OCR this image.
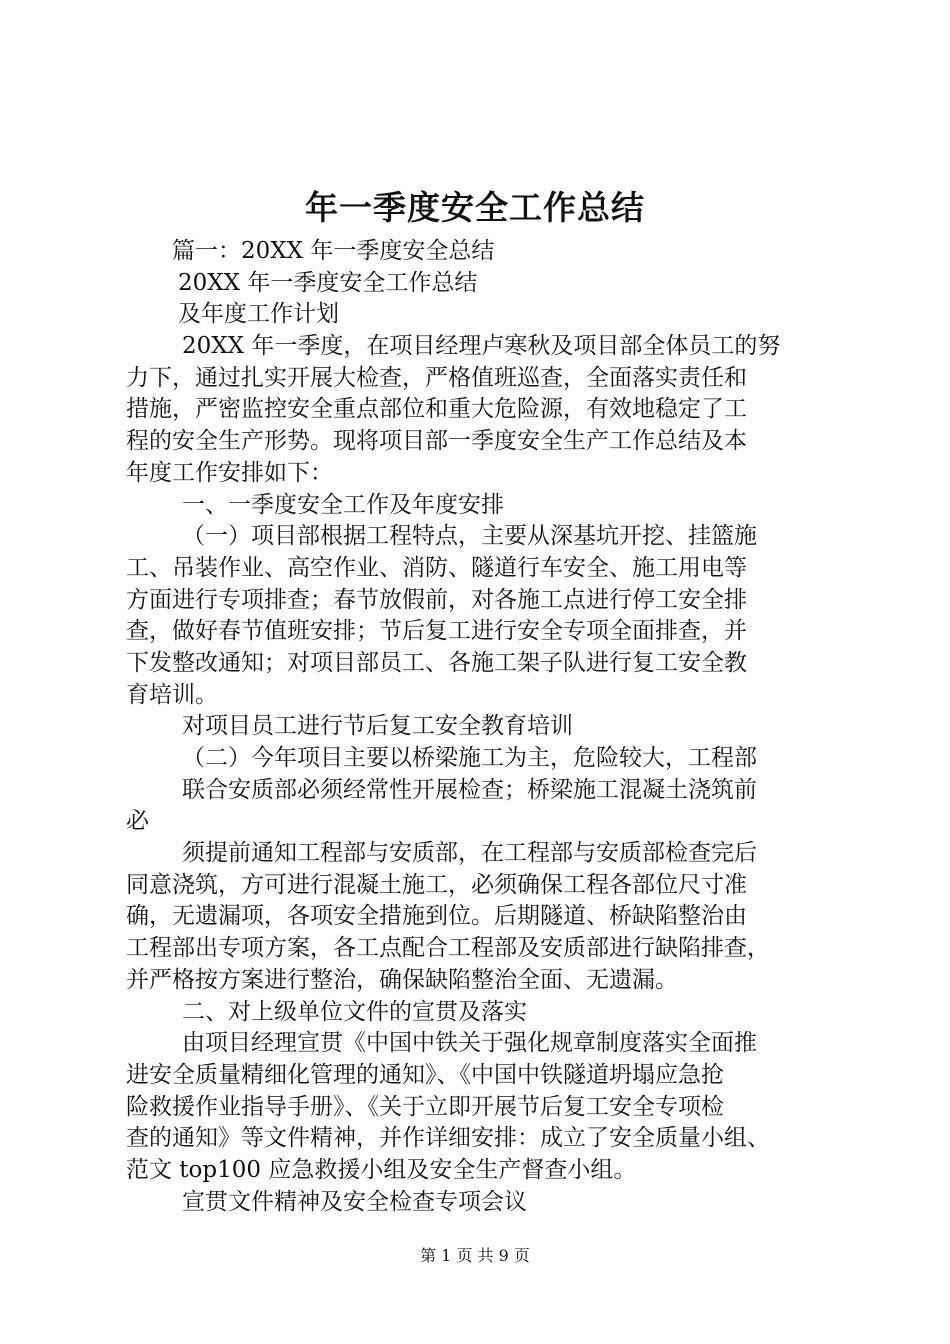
年一季度安全工作总结
篇一：20XX 年一季度安全总结
20XX 年一季度安全工作总结
及年度工作计划
20XX 年一季度，在项目经理卢寒秋及项目部全体员工的努
力下，通过扎实开展大检查，严格值班巡查，全面落实责任和
措施，严密监控安全重点部位和重大危险源，有效地稳定了工
程的安全生产形势。现将项目部一季度安全生产工作总结及本
年度工作安排如下：
一、一季度安全工作及年度安排
（一）项目部根据工程特点，主要从深基坑开挖、挂篮施
工、吊装作业、高空作业、消防、隧道行车安全、施工用电等
方面进行专项排查；春节放假前，对各施工点进行停工安全排
查，做好春节值班安排；节后复工进行安全专项全面排查，并
下发整改通知；对项目部员工、各施工架子队进行复工安全教
育培训。
对项目员工进行节后复工安全教育培训
（二）今年项目主要以桥梁施工为主，危险较大，工程部
联合安质部必须经常性开展检查；桥梁施工混凝土浇筑前
必
须提前通知工程部与安质部，在工程部与安质部检查完后
同意浇筑，方可进行混凝土施工，必须确保工程各部位尺寸准
确，无遗漏项，各项安全措施到位。后期隧道、桥缺陷整治由
工程部出专项方案，各工点配合工程部及安质部进行缺陷排查，
并严格按方案进行整治，确保缺陷整治全面、无遗漏。
二、对上级单位文件的宣贯及落实
由项目经理宣贯《中国中铁关于强化规章制度落实全面推
进安全质量精细化管理的通知》、《中国中铁隧道坍塌应急抢
险救援作业指导手册》、《关于立即开展节后复工安全专项检
查的通知》等文件精神，并作详细安排：成立了安全质量小组、
范文 top100 应急救援小组及安全生产督查小组。
宣贯文件精神及安全检查专项会议
第 1 页 共 9 页
